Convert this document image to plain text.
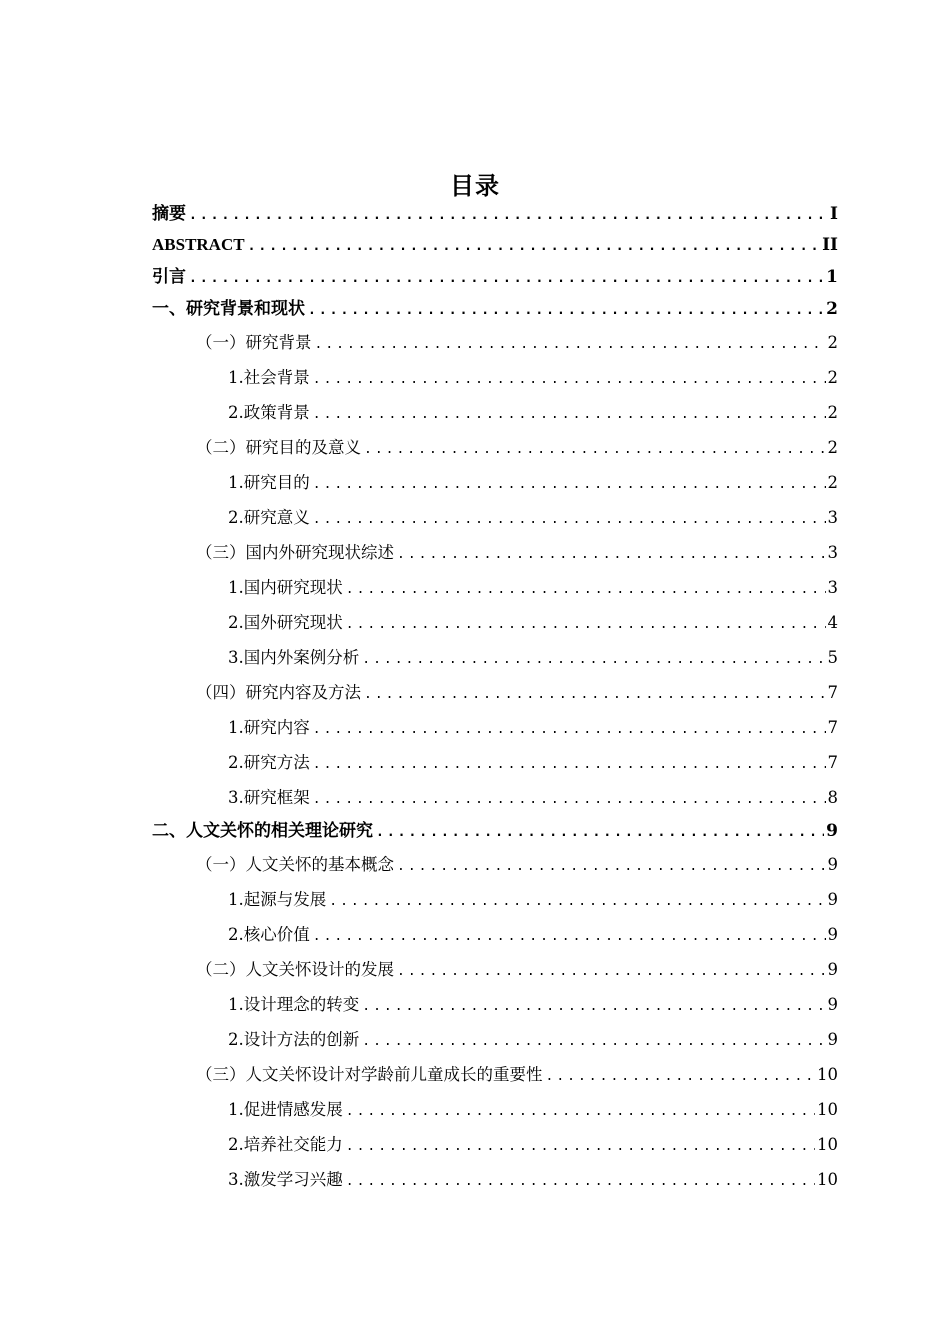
目录
摘要 .....	I
ABSTRACT .....	II
引言 .....	1
一、研究背景和现状 .....	2
（一）研究背景 .....	2
1.社会背景 .....	2
2.政策背景 .....	2
（二）研究目的及意义 .....	2
1.研究目的 .....	2
2.研究意义 .....	3
（三）国内外研究现状综述 .....	3
1.国内研究现状 .....	3
2.国外研究现状 .....	4
3.国内外案例分析 .....	5
（四）研究内容及方法 .....	7
1.研究内容 .....	7
2.研究方法 .....	7
3.研究框架 .....	8
二、人文关怀的相关理论研究 .....	9
（一）人文关怀的基本概念 .....	9
1.起源与发展 .....	9
2.核心价值 .....	9
（二）人文关怀设计的发展 .....	9
1.设计理念的转变 .....	9
2.设计方法的创新 .....	9
（三）人文关怀设计对学龄前儿童成长的重要性 .....	10
1.促进情感发展 .....	10
2.培养社交能力 .....	10
3.激发学习兴趣 .....	10
